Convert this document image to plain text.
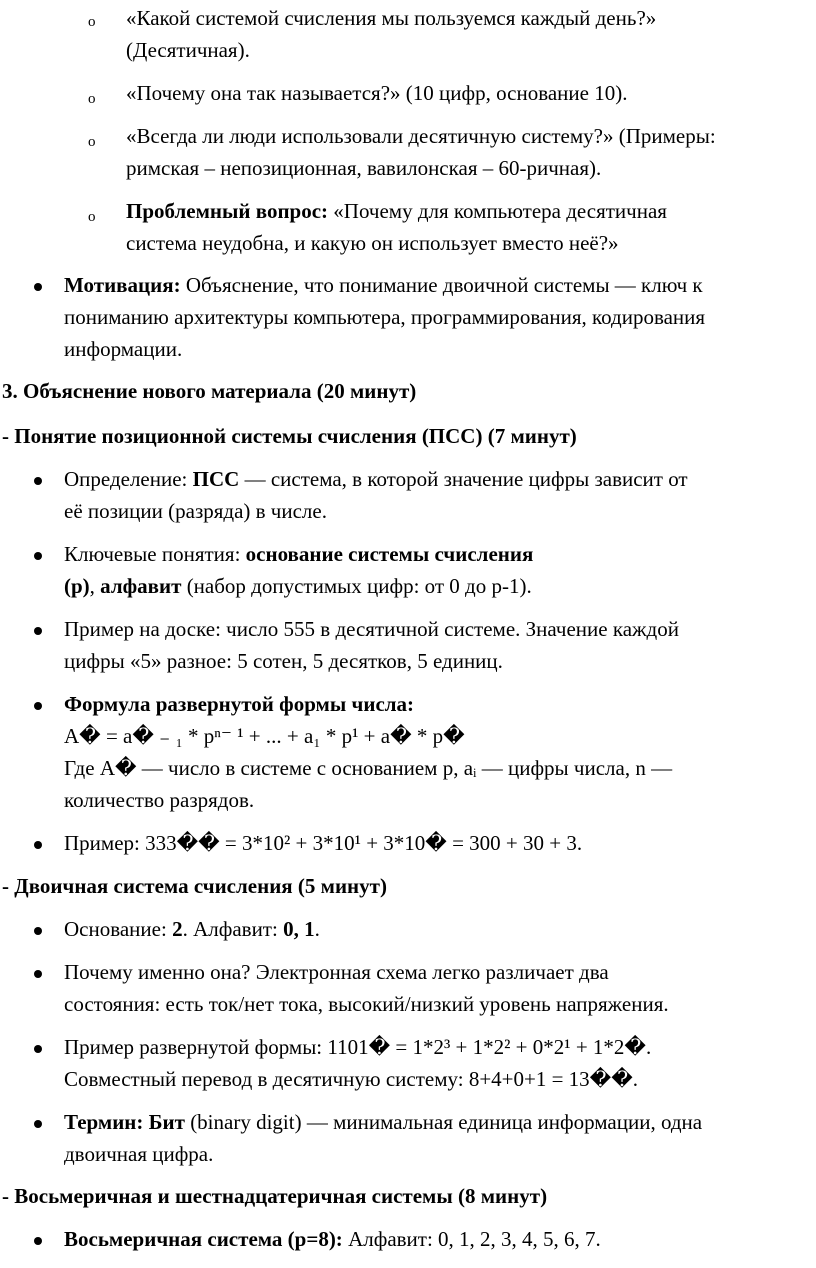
o «Какой системой счисления мы пользуемся каждый день?»
(Десятичная).
o «Почему она так называется?» (10 цифр, основание 10).
o «Всегда ли люди использовали десятичную систему?» (Примеры:
римская – непозиционная, вавилонская – 60-ричная).
o Проблемный вопрос: «Почему для компьютера десятичная
система неудобна, и какую он использует вместо неё?»
Мотивация: Объяснение, что понимание двоичной системы — ключ к
пониманию архитектуры компьютера, программирования, кодирования
информации.
3. Объяснение нового материала (20 минут)
- Понятие позиционной системы счисления (ПСС) (7 минут)
Определение: ПСС — система, в которой значение цифры зависит от
её позиции (разряда) в числе.
Ключевые понятия: основание системы счисления
(p), алфавит (набор допустимых цифр: от 0 до p-1).
Пример на доске: число 555 в десятичной системе. Значение каждой
цифры «5» разное: 5 сотен, 5 десятков, 5 единиц.
Формула развернутой формы числа:
A� = a� ₋ ₁ * pⁿ⁻ ¹ + ... + a₁ * p¹ + a� * p�
Где A� — число в системе с основанием p, aᵢ — цифры числа, n —
количество разрядов.
Пример: 333�� = 3*10² + 3*10¹ + 3*10� = 300 + 30 + 3.
- Двоичная система счисления (5 минут)
Основание: 2. Алфавит: 0, 1.
Почему именно она? Электронная схема легко различает два
состояния: есть ток/нет тока, высокий/низкий уровень напряжения.
Пример развернутой формы: 1101� = 1*2³ + 1*2² + 0*2¹ + 1*2�.
Совместный перевод в десятичную систему: 8+4+0+1 = 13��.
Термин: Бит (binary digit) — минимальная единица информации, одна
двоичная цифра.
- Восьмеричная и шестнадцатеричная системы (8 минут)
Восьмеричная система (p=8): Алфавит: 0, 1, 2, 3, 4, 5, 6, 7.
